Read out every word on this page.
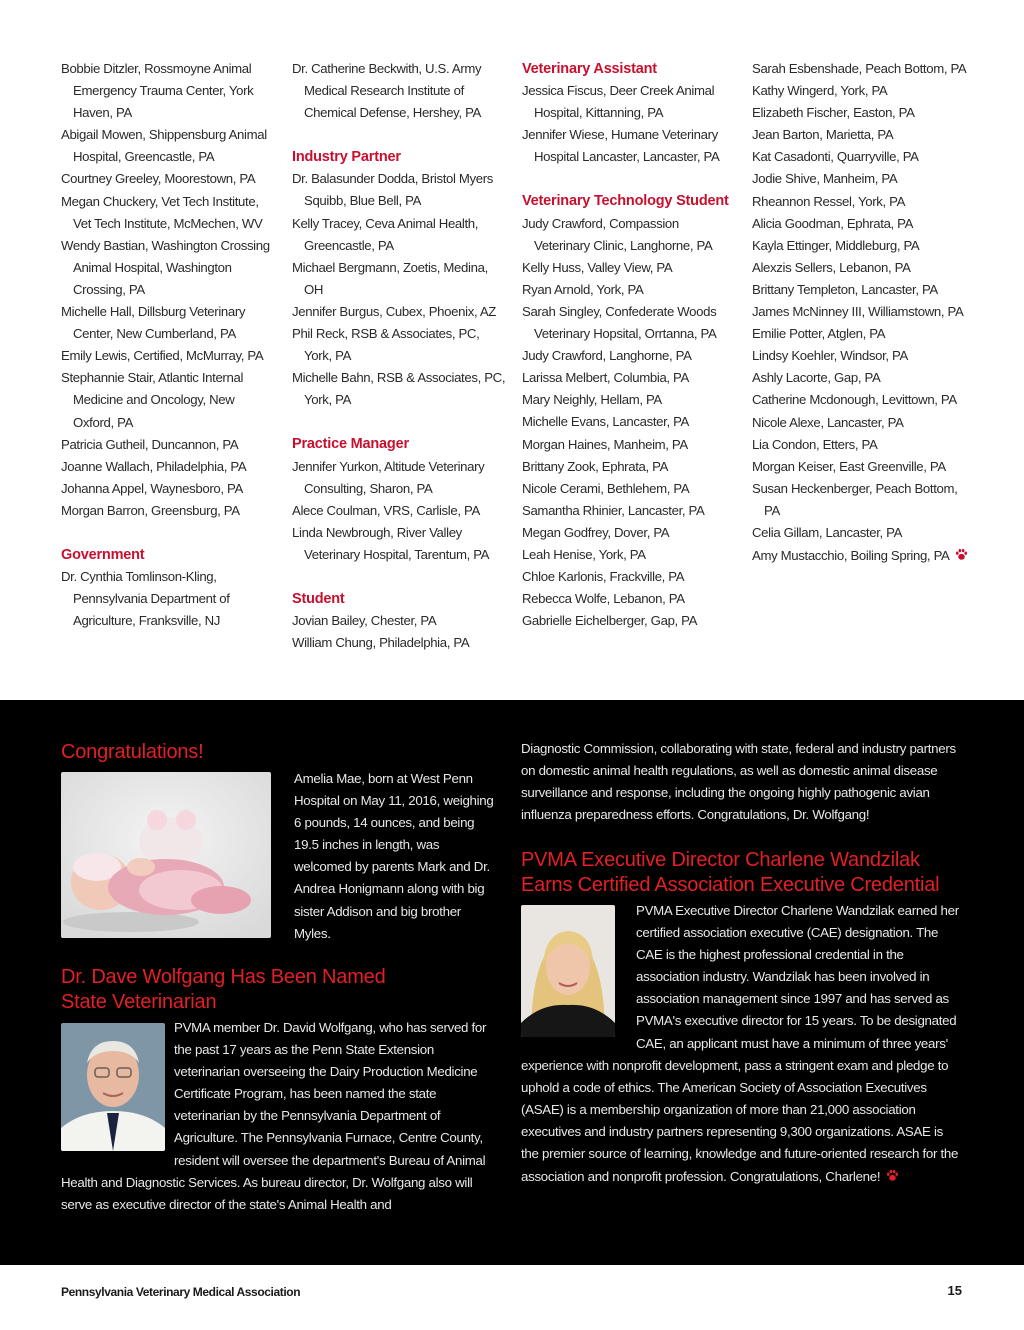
Bobbie Ditzler, Rossmoyne Animal Emergency Trauma Center, York Haven, PA
Abigail Mowen, Shippensburg Animal Hospital, Greencastle, PA
Courtney Greeley, Moorestown, PA
Megan Chuckery, Vet Tech Institute, Vet Tech Institute, McMechen, WV
Wendy Bastian, Washington Crossing Animal Hospital, Washington Crossing, PA
Michelle Hall, Dillsburg Veterinary Center, New Cumberland, PA
Emily Lewis, Certified, McMurray, PA
Stephannie Stair, Atlantic Internal Medicine and Oncology, New Oxford, PA
Patricia Gutheil, Duncannon, PA
Joanne Wallach, Philadelphia, PA
Johanna Appel, Waynesboro, PA
Morgan Barron, Greensburg, PA
Government
Dr. Cynthia Tomlinson-Kling, Pennsylvania Department of Agriculture, Franksville, NJ
Dr. Catherine Beckwith, U.S. Army Medical Research Institute of Chemical Defense, Hershey, PA
Industry Partner
Dr. Balasunder Dodda, Bristol Myers Squibb, Blue Bell, PA
Kelly Tracey, Ceva Animal Health, Greencastle, PA
Michael Bergmann, Zoetis, Medina, OH
Jennifer Burgus, Cubex, Phoenix, AZ
Phil Reck, RSB & Associates, PC, York, PA
Michelle Bahn, RSB & Associates, PC, York, PA
Practice Manager
Jennifer Yurkon, Altitude Veterinary Consulting, Sharon, PA
Alece Coulman, VRS, Carlisle, PA
Linda Newbrough, River Valley Veterinary Hospital, Tarentum, PA
Student
Jovian Bailey, Chester, PA
William Chung, Philadelphia, PA
Veterinary Assistant
Jessica Fiscus, Deer Creek Animal Hospital, Kittanning, PA
Jennifer Wiese, Humane Veterinary Hospital Lancaster, Lancaster, PA
Veterinary Technology Student
Judy Crawford, Compassion Veterinary Clinic, Langhorne, PA
Kelly Huss, Valley View, PA
Ryan Arnold, York, PA
Sarah Singley, Confederate Woods Veterinary Hopsital, Orrtanna, PA
Judy Crawford, Langhorne, PA
Larissa Melbert, Columbia, PA
Mary Neighly, Hellam, PA
Michelle Evans, Lancaster, PA
Morgan Haines, Manheim, PA
Brittany Zook, Ephrata, PA
Nicole Cerami, Bethlehem, PA
Samantha Rhinier, Lancaster, PA
Megan Godfrey, Dover, PA
Leah Henise, York, PA
Chloe Karlonis, Frackville, PA
Rebecca Wolfe, Lebanon, PA
Gabrielle Eichelberger, Gap, PA
Sarah Esbenshade, Peach Bottom, PA
Kathy Wingerd, York, PA
Elizabeth Fischer, Easton, PA
Jean Barton, Marietta, PA
Kat Casadonti, Quarryville, PA
Jodie Shive, Manheim, PA
Rheannon Ressel, York, PA
Alicia Goodman, Ephrata, PA
Kayla Ettinger, Middleburg, PA
Alexzis Sellers, Lebanon, PA
Brittany Templeton, Lancaster, PA
James McNinney III, Williamstown, PA
Emilie Potter, Atglen, PA
Lindsy Koehler, Windsor, PA
Ashly Lacorte, Gap, PA
Catherine Mcdonough, Levittown, PA
Nicole Alexe, Lancaster, PA
Lia Condon, Etters, PA
Morgan Keiser, East Greenville, PA
Susan Heckenberger, Peach Bottom, PA
Celia Gillam, Lancaster, PA
Amy Mustacchio, Boiling Spring, PA
Congratulations!

Amelia Mae, born at West Penn Hospital on May 11, 2016, weighing 6 pounds, 14 ounces, and being 19.5 inches in length, was welcomed by parents Mark and Dr. Andrea Honigmann along with big sister Addison and big brother Myles.

Dr. Dave Wolfgang Has Been Named State Veterinarian

PVMA member Dr. David Wolfgang, who has served for the past 17 years as the Penn State Extension veterinarian overseeing the Dairy Production Medicine Certificate Program, has been named the state veterinarian by the Pennsylvania Department of Agriculture. The Pennsylvania Furnace, Centre County, resident will oversee the department's Bureau of Animal Health and Diagnostic Services. As bureau director, Dr. Wolfgang also will serve as executive director of the state's Animal Health and

Diagnostic Commission, collaborating with state, federal and industry partners on domestic animal health regulations, as well as domestic animal disease surveillance and response, including the ongoing highly pathogenic avian influenza preparedness efforts. Congratulations, Dr. Wolfgang!

PVMA Executive Director Charlene Wandzilak Earns Certified Association Executive Credential

PVMA Executive Director Charlene Wandzilak earned her certified association executive (CAE) designation. The CAE is the highest professional credential in the association industry. Wandzilak has been involved in association management since 1997 and has served as PVMA's executive director for 15 years. To be designated CAE, an applicant must have a minimum of three years' experience with nonprofit development, pass a stringent exam and pledge to uphold a code of ethics. The American Society of Association Executives (ASAE) is a membership organization of more than 21,000 association executives and industry partners representing 9,300 organizations. ASAE is the premier source of learning, knowledge and future-oriented research for the association and nonprofit profession. Congratulations, Charlene!

Pennsylvania Veterinary Medical Association	15
